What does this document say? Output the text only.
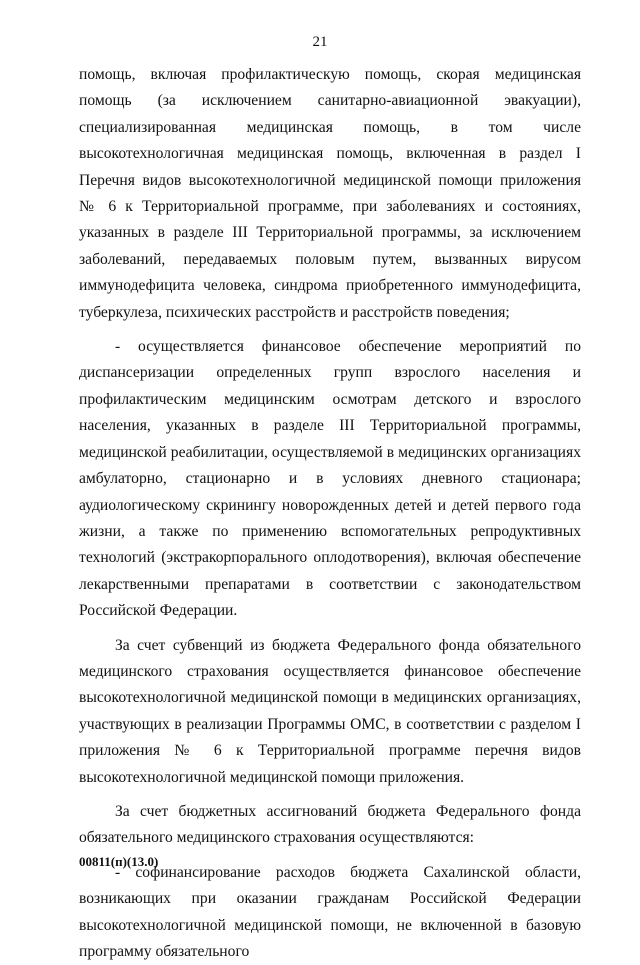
21

помощь, включая профилактическую помощь, скорая медицинская помощь (за исключением санитарно-авиационной эвакуации), специализированная медицинская помощь, в том числе высокотехнологичная медицинская помощь, включенная в раздел I Перечня видов высокотехнологичной медицинской помощи приложения № 6 к Территориальной программе, при заболеваниях и состояниях, указанных в разделе III Территориальной программы, за исключением заболеваний, передаваемых половым путем, вызванных вирусом иммунодефицита человека, синдрома приобретенного иммунодефицита, туберкулеза, психических расстройств и расстройств поведения;

- осуществляется финансовое обеспечение мероприятий по диспансеризации определенных групп взрослого населения и профилактическим медицинским осмотрам детского и взрослого населения, указанных в разделе III Территориальной программы, медицинской реабилитации, осуществляемой в медицинских организациях амбулаторно, стационарно и в условиях дневного стационара; аудиологическому скринингу новорожденных детей и детей первого года жизни, а также по применению вспомогательных репродуктивных технологий (экстракорпорального оплодотворения), включая обеспечение лекарственными препаратами в соответствии с законодательством Российской Федерации.

За счет субвенций из бюджета Федерального фонда обязательного медицинского страхования осуществляется финансовое обеспечение высокотехнологичной медицинской помощи в медицинских организациях, участвующих в реализации Программы ОМС, в соответствии с разделом I приложения № 6 к Территориальной программе перечня видов высокотехнологичной медицинской помощи приложения.

За счет бюджетных ассигнований бюджета Федерального фонда обязательного медицинского страхования осуществляются:

- софинансирование расходов бюджета Сахалинской области, возникающих при оказании гражданам Российской Федерации высокотехнологичной медицинской помощи, не включенной в базовую программу обязательного

00811(п)(13.0)
